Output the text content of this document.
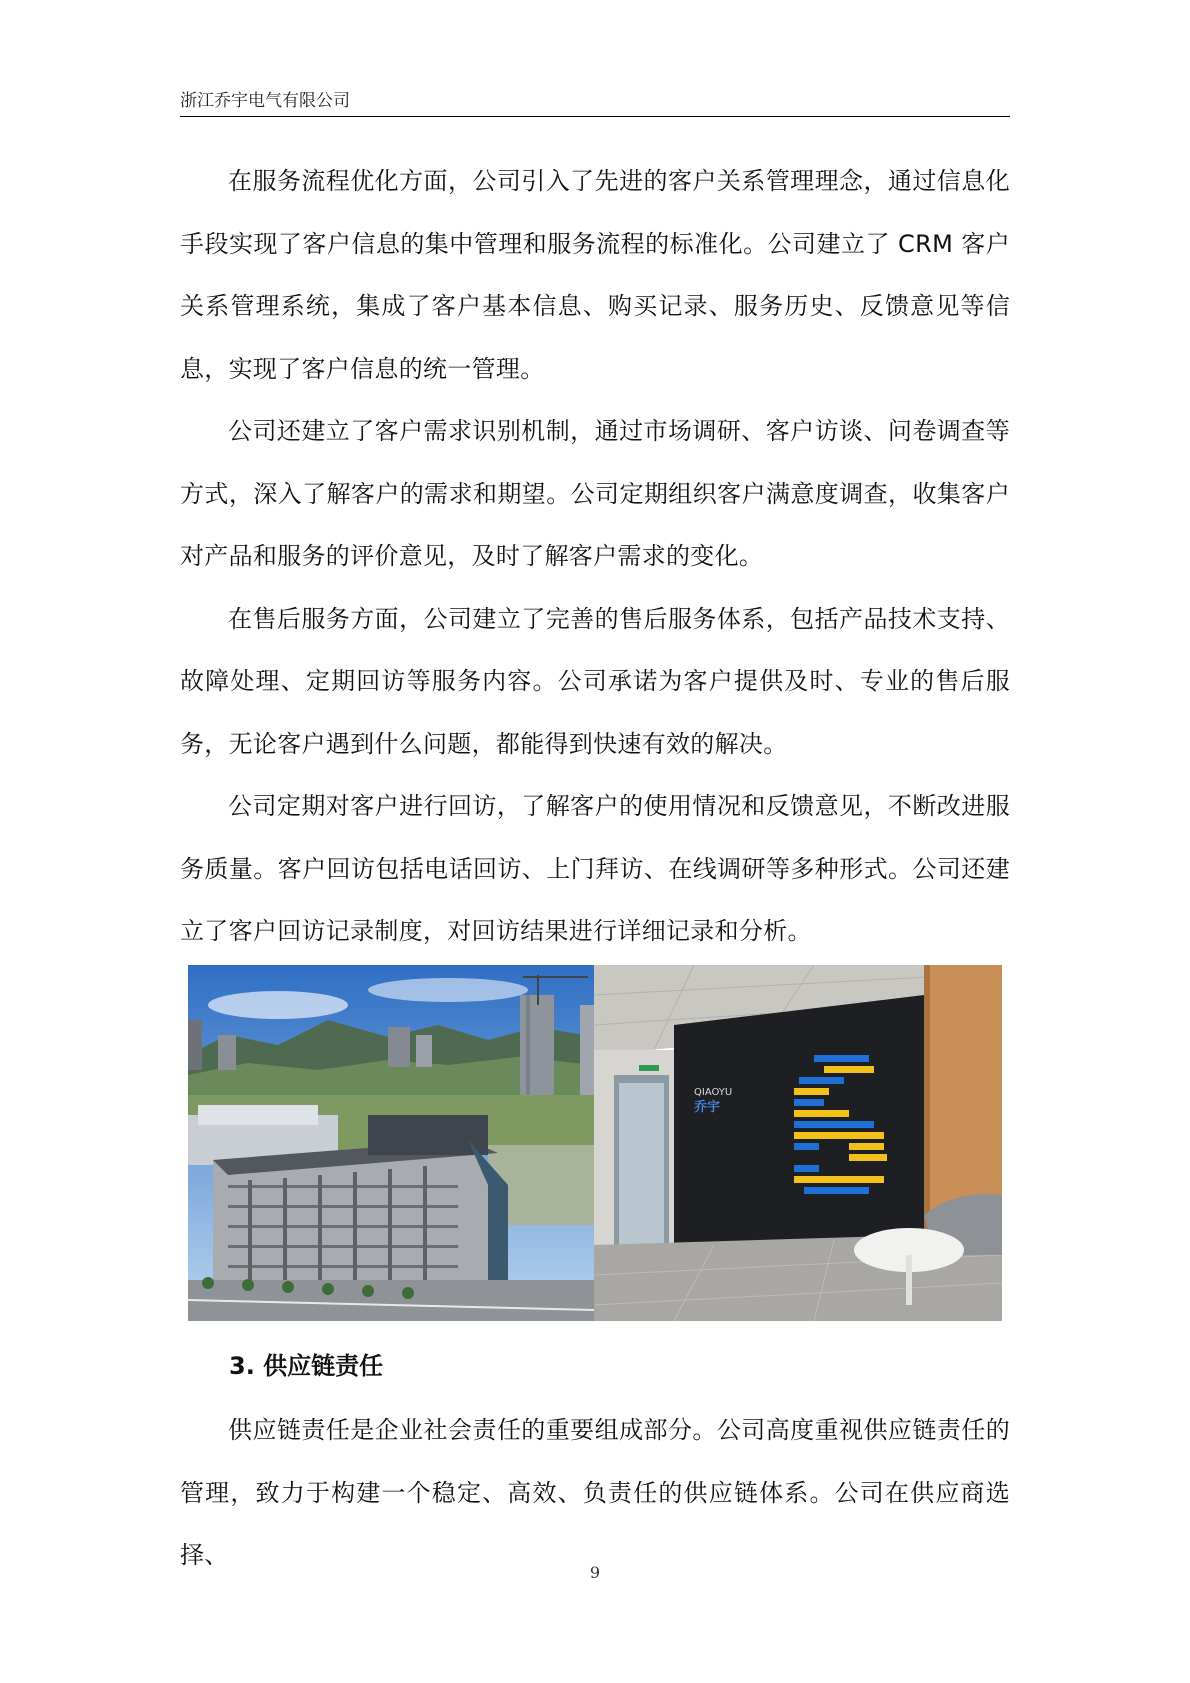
浙江乔宇电气有限公司

在服务流程优化方面，公司引入了先进的客户关系管理理念，通过信息化手段实现了客户信息的集中管理和服务流程的标准化。公司建立了 CRM 客户关系管理系统，集成了客户基本信息、购买记录、服务历史、反馈意见等信息，实现了客户信息的统一管理。

公司还建立了客户需求识别机制，通过市场调研、客户访谈、问卷调查等方式，深入了解客户的需求和期望。公司定期组织客户满意度调查，收集客户对产品和服务的评价意见，及时了解客户需求的变化。

在售后服务方面，公司建立了完善的售后服务体系，包括产品技术支持、故障处理、定期回访等服务内容。公司承诺为客户提供及时、专业的售后服务，无论客户遇到什么问题，都能得到快速有效的解决。

公司定期对客户进行回访，了解客户的使用情况和反馈意见，不断改进服务质量。客户回访包括电话回访、上门拜访、在线调研等多种形式。公司还建立了客户回访记录制度，对回访结果进行详细记录和分析。

QIAOYU
乔宇
3. 供应链责任

供应链责任是企业社会责任的重要组成部分。公司高度重视供应链责任的管理，致力于构建一个稳定、高效、负责任的供应链体系。公司在供应商选择、

9
